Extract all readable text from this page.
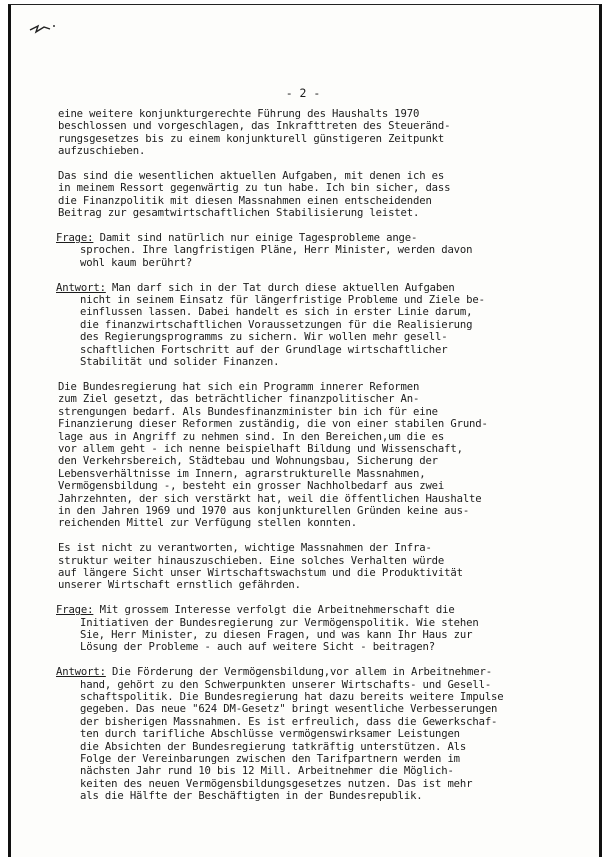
- 2 -
eine weitere konjunkturgerechte Führung des Haushalts 1970
beschlossen und vorgeschlagen, das Inkrafttreten des Steueränd-
rungsgesetzes bis zu einem konjunkturell günstigeren Zeitpunkt
aufzuschieben.
Das sind die wesentlichen aktuellen Aufgaben, mit denen ich es
in meinem Ressort gegenwärtig zu tun habe. Ich bin sicher, dass
die Finanzpolitik mit diesen Massnahmen einen entscheidenden
Beitrag zur gesamtwirtschaftlichen Stabilisierung leistet.
Frage: Damit sind natürlich nur einige Tagesprobleme ange-
sprochen. Ihre langfristigen Pläne, Herr Minister, werden davon
wohl kaum berührt?
Antwort: Man darf sich in der Tat durch diese aktuellen Aufgaben
nicht in seinem Einsatz für längerfristige Probleme und Ziele be-
einflussen lassen. Dabei handelt es sich in erster Linie darum,
die finanzwirtschaftlichen Voraussetzungen für die Realisierung
des Regierungsprogramms zu sichern. Wir wollen mehr gesell-
schaftlichen Fortschritt auf der Grundlage wirtschaftlicher
Stabilität und solider Finanzen.
Die Bundesregierung hat sich ein Programm innerer Reformen
zum Ziel gesetzt, das beträchtlicher finanzpolitischer An-
strengungen bedarf. Als Bundesfinanzminister bin ich für eine
Finanzierung dieser Reformen zuständig, die von einer stabilen Grund-
lage aus in Angriff zu nehmen sind. In den Bereichen,um die es
vor allem geht - ich nenne beispielhaft Bildung und Wissenschaft,
den Verkehrsbereich, Städtebau und Wohnungsbau, Sicherung der
Lebensverhältnisse im Innern, agrarstrukturelle Massnahmen,
Vermögensbildung -, besteht ein grosser Nachholbedarf aus zwei
Jahrzehnten, der sich verstärkt hat, weil die öffentlichen Haushalte
in den Jahren 1969 und 1970 aus konjunkturellen Gründen keine aus-
reichenden Mittel zur Verfügung stellen konnten.
Es ist nicht zu verantworten, wichtige Massnahmen der Infra-
struktur weiter hinauszuschieben. Eine solches Verhalten würde
auf längere Sicht unser Wirtschaftswachstum und die Produktivität
unserer Wirtschaft ernstlich gefährden.
Frage: Mit grossem Interesse verfolgt die Arbeitnehmerschaft die
Initiativen der Bundesregierung zur Vermögenspolitik. Wie stehen
Sie, Herr Minister, zu diesen Fragen, und was kann Ihr Haus zur
Lösung der Probleme - auch auf weitere Sicht - beitragen?
Antwort: Die Förderung der Vermögensbildung,vor allem in Arbeitnehmer-
hand, gehört zu den Schwerpunkten unserer Wirtschafts- und Gesell-
schaftspolitik. Die Bundesregierung hat dazu bereits weitere Impulse
gegeben. Das neue "624 DM-Gesetz" bringt wesentliche Verbesserungen
der bisherigen Massnahmen. Es ist erfreulich, dass die Gewerkschaf-
ten durch tarifliche Abschlüsse vermögenswirksamer Leistungen
die Absichten der Bundesregierung tatkräftig unterstützen. Als
Folge der Vereinbarungen zwischen den Tarifpartnern werden im
nächsten Jahr rund 10 bis 12 Mill. Arbeitnehmer die Möglich-
keiten des neuen Vermögensbildungsgesetzes nutzen. Das ist mehr
als die Hälfte der Beschäftigten in der Bundesrepublik.
